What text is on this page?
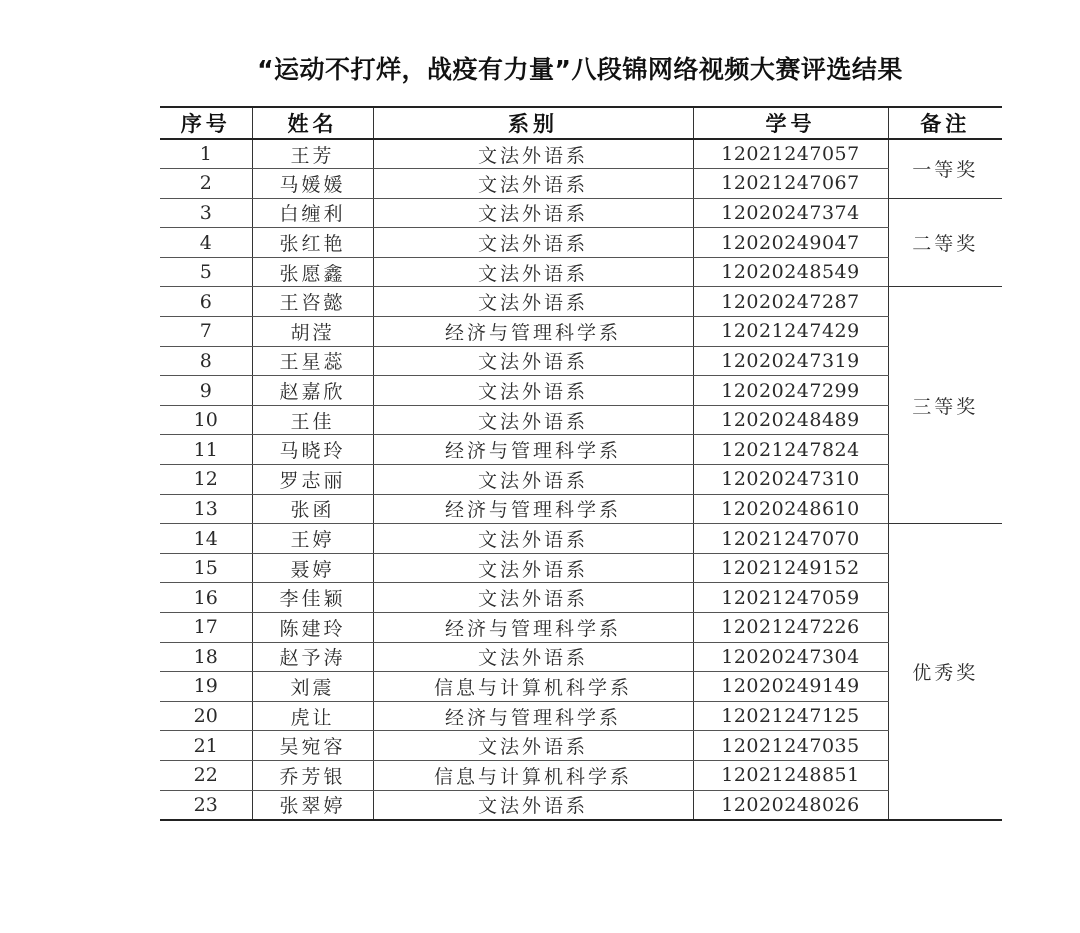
“运动不打烊，战疫有力量”八段锦网络视频大赛评选结果
序号	姓名	系别	学号	备注
1	王芳	文法外语系	12021247057	一等奖
2	马媛媛	文法外语系	12021247067	
3	白缠利	文法外语系	12020247374	二等奖
4	张红艳	文法外语系	12020249047	
5	张愿鑫	文法外语系	12020248549	
6	王咨懿	文法外语系	12020247287	三等奖
7	胡滢	经济与管理科学系	12021247429	
8	王星蕊	文法外语系	12020247319	
9	赵嘉欣	文法外语系	12020247299	
10	王佳	文法外语系	12020248489	
11	马晓玲	经济与管理科学系	12021247824	
12	罗志丽	文法外语系	12020247310	
13	张函	经济与管理科学系	12020248610	
14	王婷	文法外语系	12021247070	优秀奖
15	聂婷	文法外语系	12021249152	
16	李佳颖	文法外语系	12021247059	
17	陈建玲	经济与管理科学系	12021247226	
18	赵予涛	文法外语系	12020247304	
19	刘震	信息与计算机科学系	12020249149	
20	虎让	经济与管理科学系	12021247125	
21	吴宛容	文法外语系	12021247035	
22	乔芳银	信息与计算机科学系	12021248851	
23	张翠婷	文法外语系	12020248026	
